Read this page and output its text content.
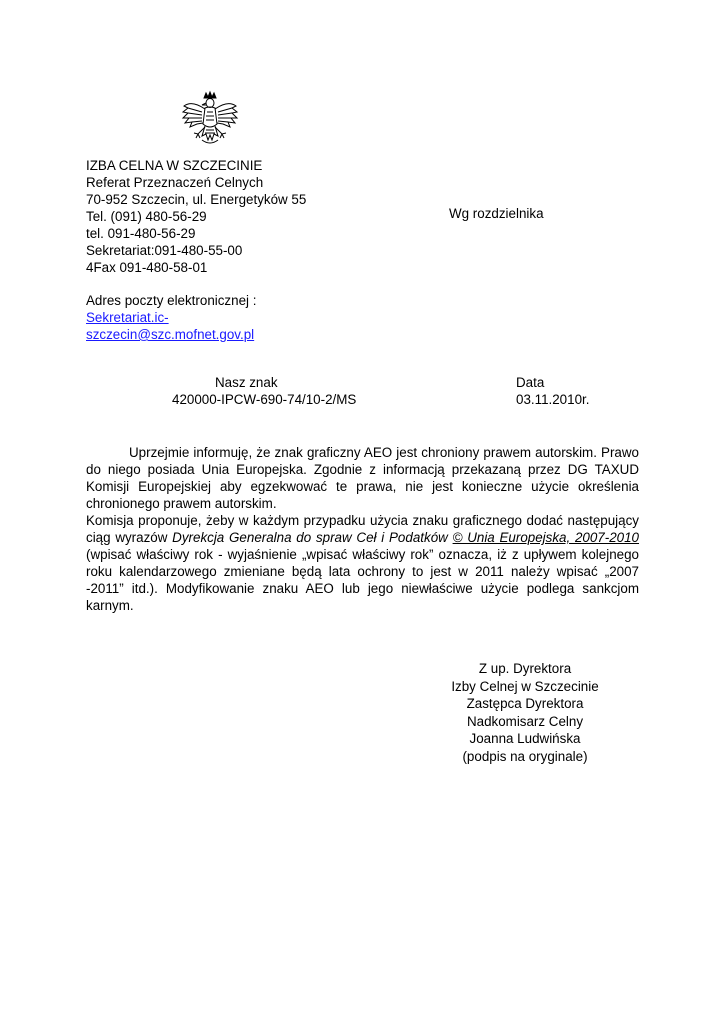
IZBA CELNA W SZCZECINIE
Referat Przeznaczeń Celnych
70-952 Szczecin, ul. Energetyków 55
Tel. (091) 480-56-29
tel. 091-480-56-29
Sekretariat:091-480-55-00
4Fax 091-480-58-01
Wg rozdzielnika
Adres poczty elektronicznej :
Sekretariat.ic-
szczecin@szc.mofnet.gov.pl
Nasz znak
420000-IPCW-690-74/10-2/MS
Data
03.11.2010r.

Uprzejmie informuję, że znak graficzny AEO jest chroniony prawem autorskim. Prawo do niego posiada Unia Europejska. Zgodnie z informacją przekazaną przez DG TAXUD Komisji Europejskiej aby egzekwować te prawa, nie jest konieczne użycie określenia chronionego prawem autorskim.

Komisja proponuje, żeby w każdym przypadku użycia znaku graficznego dodać następujący ciąg wyrazów Dyrekcja Generalna do spraw Ceł i Podatków © Unia Europejska, 2007-2010 (wpisać właściwy rok - wyjaśnienie „wpisać właściwy rok” oznacza, iż z upływem kolejnego roku kalendarzowego zmieniane będą lata ochrony to jest w 2011 należy wpisać „2007 -2011” itd.). Modyfikowanie znaku AEO lub jego niewłaściwe użycie podlega sankcjom karnym.

Z up. Dyrektora
Izby Celnej w Szczecinie
Zastępca Dyrektora
Nadkomisarz Celny
Joanna Ludwińska
(podpis na oryginale)
